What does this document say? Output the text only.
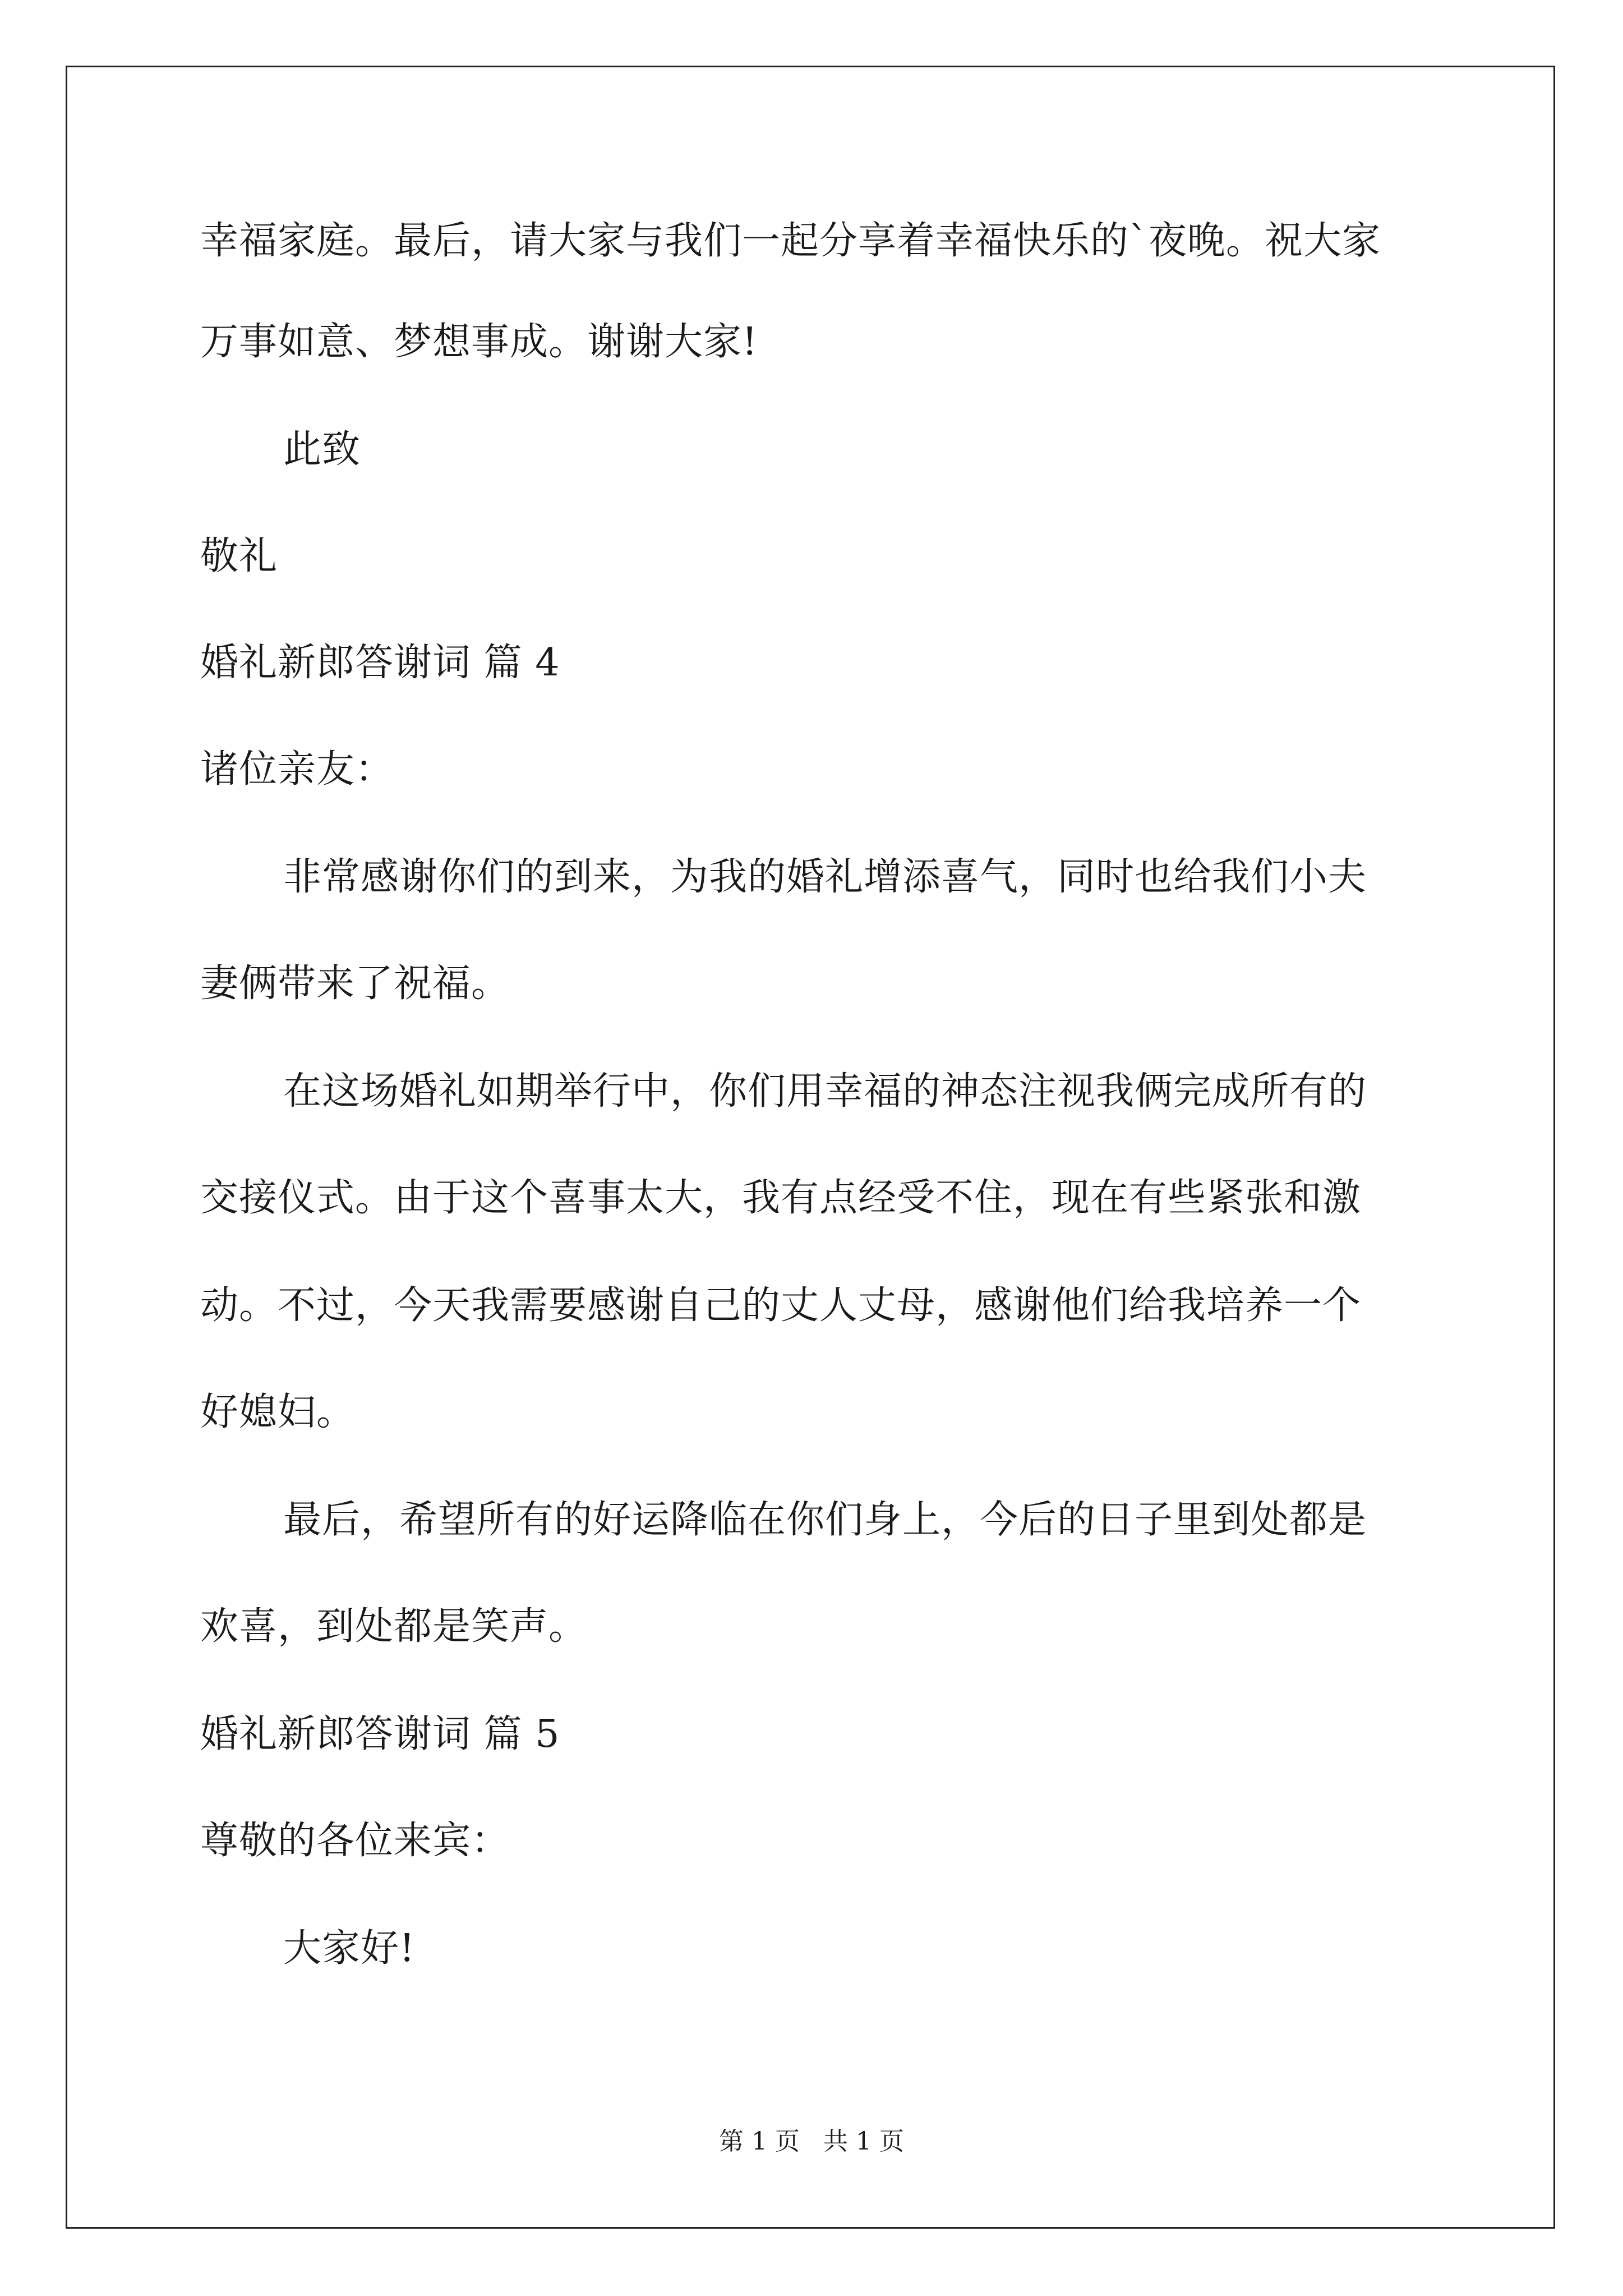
幸福家庭。最后，请大家与我们一起分享着幸福快乐的`夜晚。祝大家
万事如意、梦想事成。谢谢大家!
此致
敬礼
婚礼新郎答谢词 篇 4
诸位亲友：
非常感谢你们的到来，为我的婚礼增添喜气，同时也给我们小夫
妻俩带来了祝福。
在这场婚礼如期举行中，你们用幸福的神态注视我俩完成所有的
交接仪式。由于这个喜事太大，我有点经受不住，现在有些紧张和激
动。不过，今天我需要感谢自己的丈人丈母，感谢他们给我培养一个
好媳妇。
最后，希望所有的好运降临在你们身上，今后的日子里到处都是
欢喜，到处都是笑声。
婚礼新郎答谢词 篇 5
尊敬的各位来宾：
大家好!
第 1 页   共 1 页
